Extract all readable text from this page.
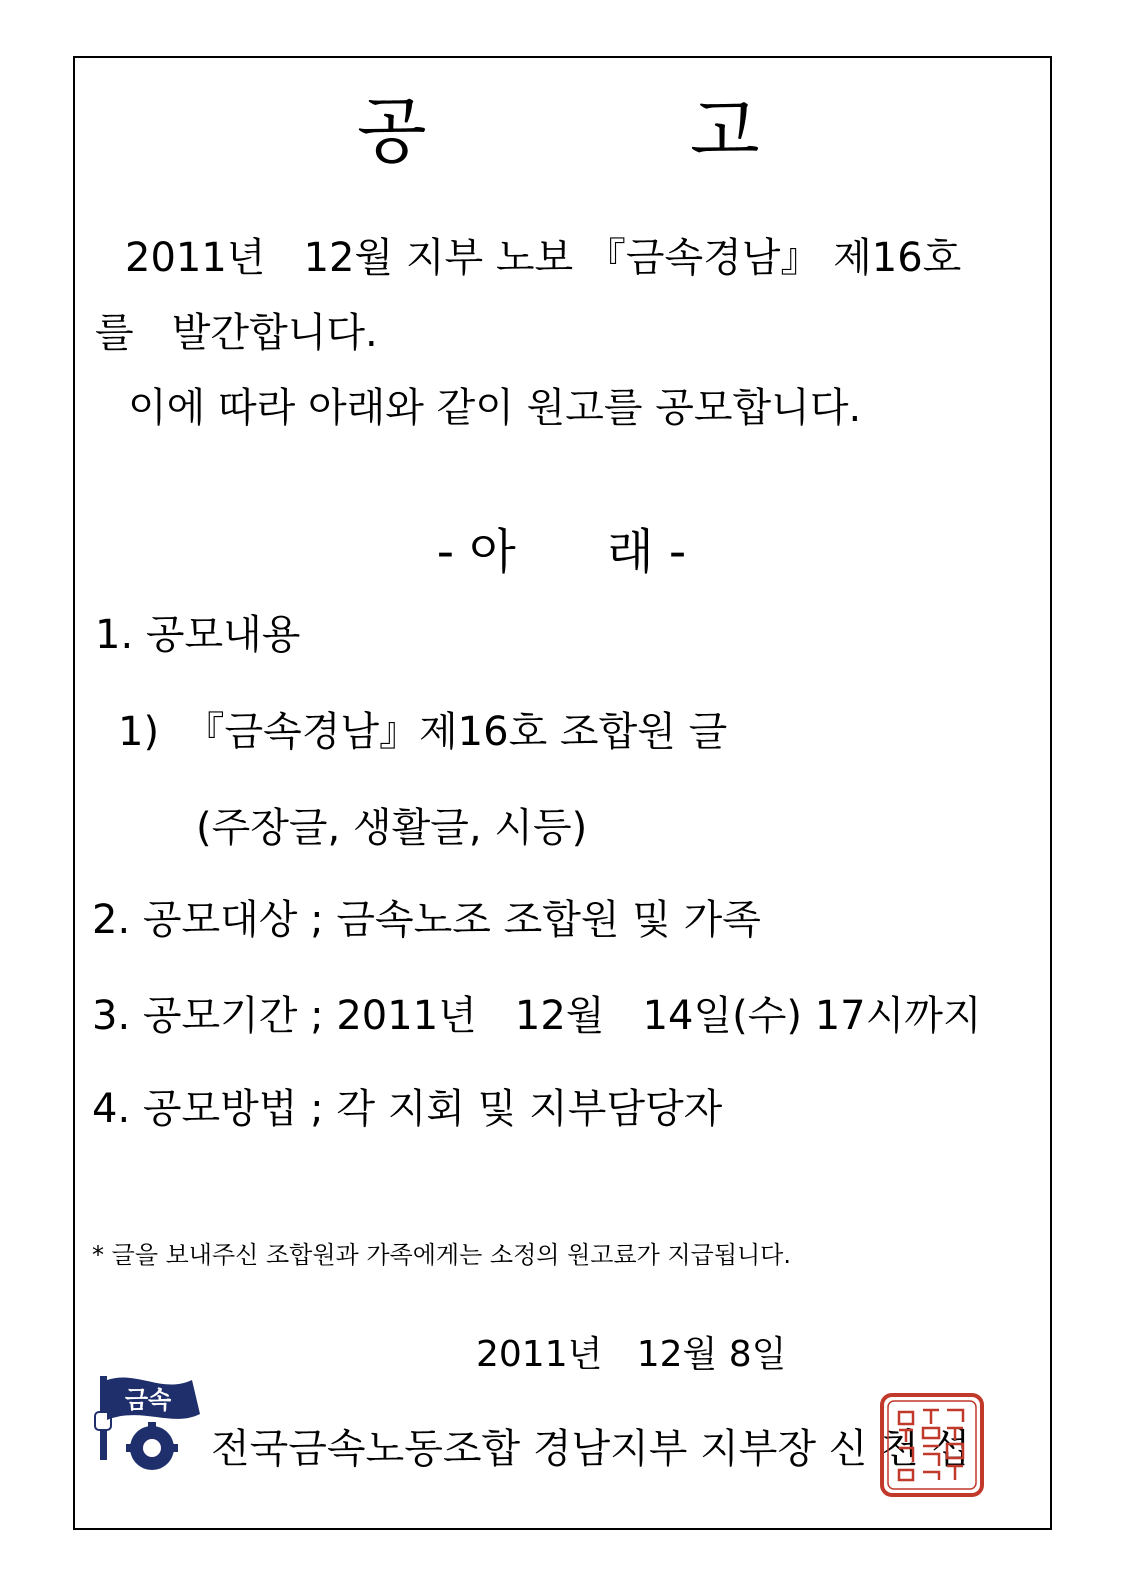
공	고
2011년   12월 지부 노보 『금속경남』 제16호
를   발간합니다.
이에 따라 아래와 같이 원고를 공모합니다.
- 아      래 -
1. 공모내용
1)  『금속경남』제16호 조합원 글
(주장글, 생활글, 시등)
2. 공모대상 ; 금속노조 조합원 및 가족
3. 공모기간 ; 2011년   12월   14일(수) 17시까지
4. 공모방법 ; 각 지회 및 지부담당자
* 글을 보내주신 조합원과 가족에게는 소정의 원고료가 지급됩니다.
2011년   12월 8일
금속
전국금속노동조합 경남지부 지부장 신 천 섭
